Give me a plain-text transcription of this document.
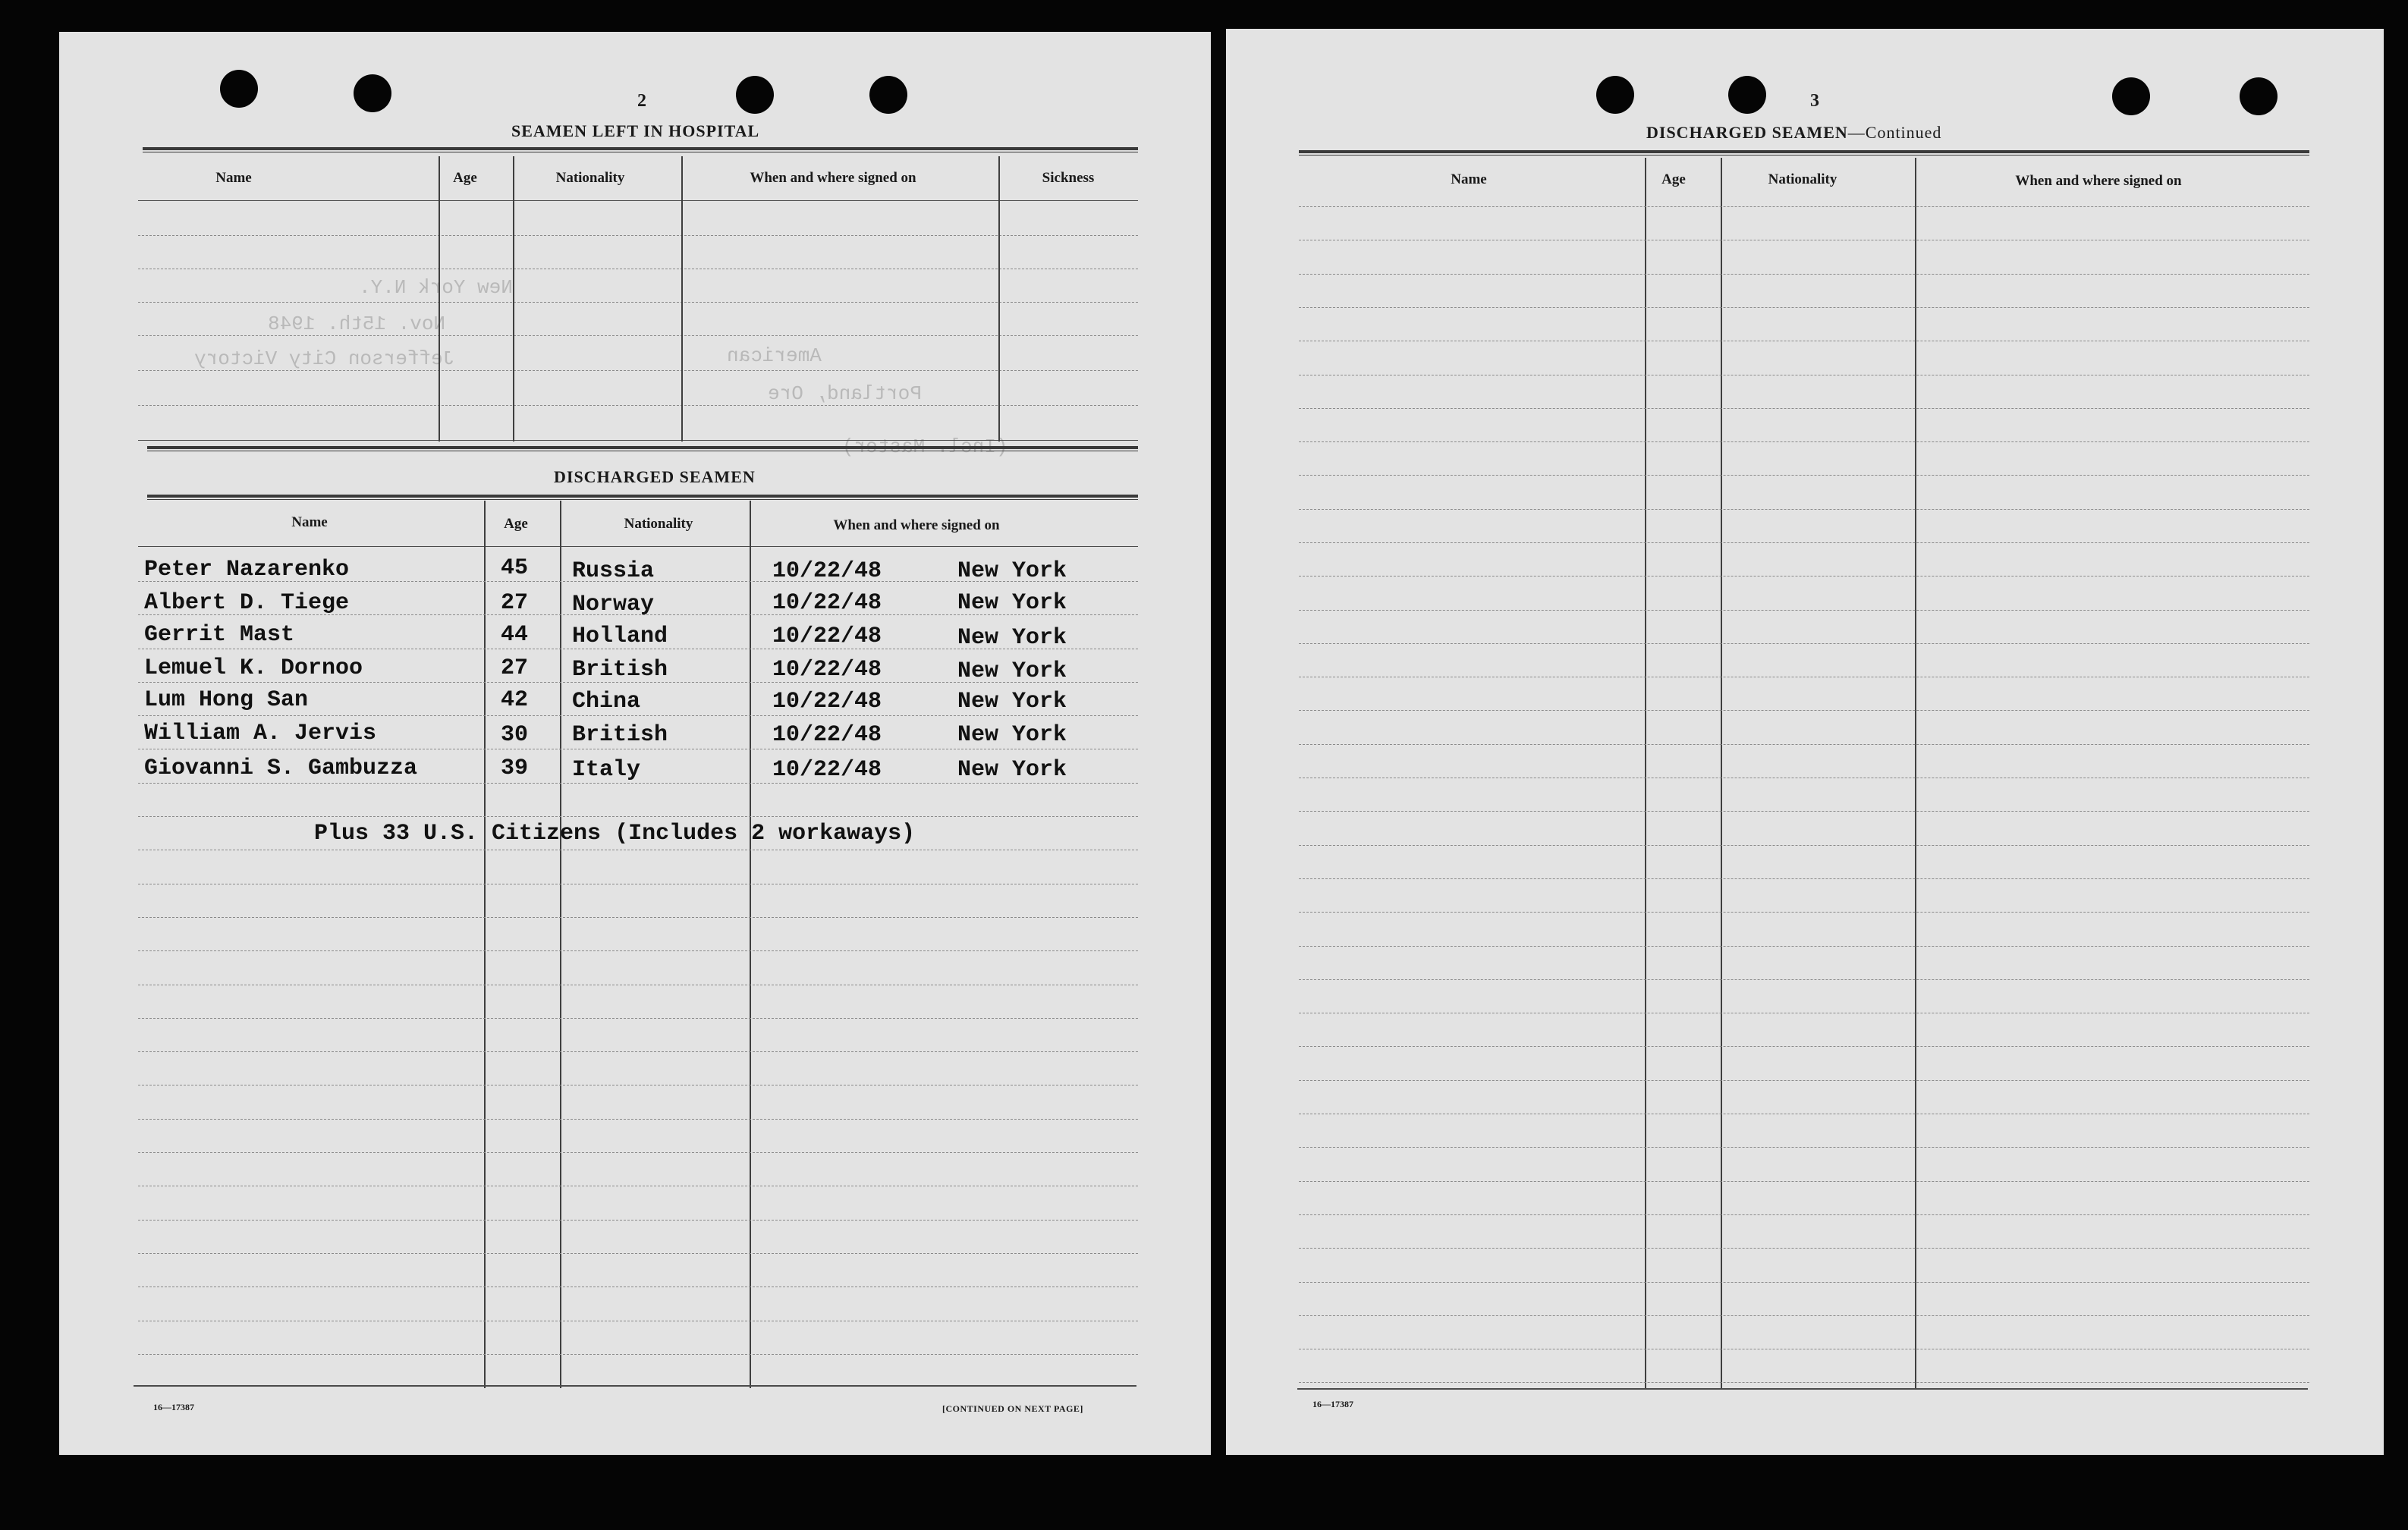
2
SEAMEN LEFT IN HOSPITAL
New York N.Y.
Nov. 15th. 1948
Jefferson City Victory	American
Portland, Ore
(Incl. Master)
Name	Age	Nationality	When and where signed on	Sickness
DISCHARGED SEAMEN
Name	Age	Nationality	When and where signed on
Peter Nazarenko	45 Russia	10/22/48	New York
Albert D. Tiege	27 Norway	10/22/48	New York
Gerrit Mast	44 Holland	10/22/48	New York
Lemuel K. Dornoo	27 British	10/22/48	New York
Lum Hong San	42 China	10/22/48	New York
William A. Jervis	30 British	10/22/48	New York
Giovanni S. Gambuzza	39 Italy	10/22/48	New York
Plus 33 U.S. Citizens (Includes 2 workaways)
16—17387	[CONTINUED ON NEXT PAGE]
3
DISCHARGED SEAMEN—Continued
Name	Age	Nationality	When and where signed on
16—17387
